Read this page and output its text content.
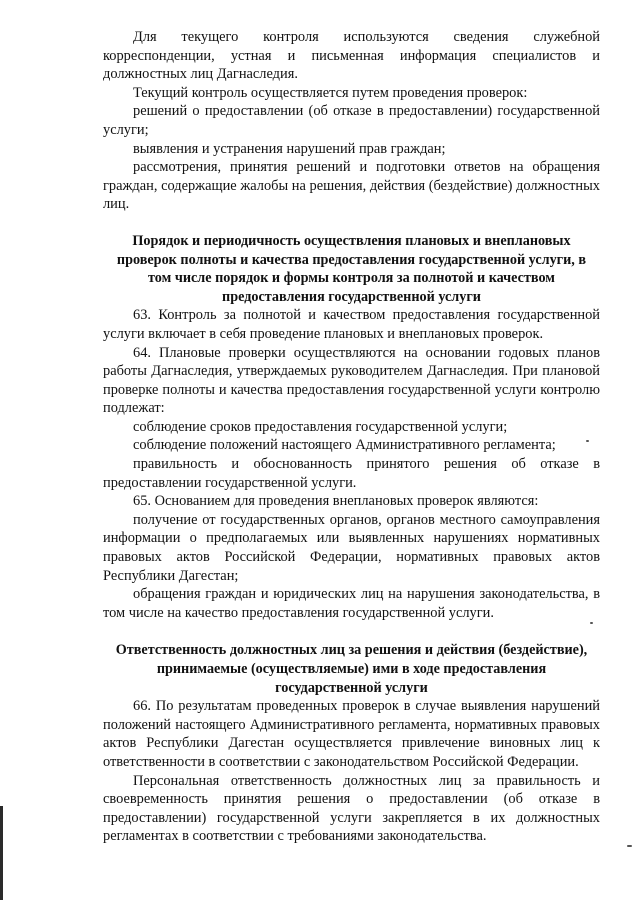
Для текущего контроля используются сведения служебной корреспонденции, устная и письменная информация специалистов и должностных лиц Дагнаследия.

Текущий контроль осуществляется путем проведения проверок:

решений о предоставлении (об отказе в предоставлении) государственной услуги;

выявления и устранения нарушений прав граждан;

рассмотрения, принятия решений и подготовки ответов на обращения граждан, содержащие жалобы на решения, действия (бездействие) должностных лиц.

Порядок и периодичность осуществления плановых и внеплановых проверок полноты и качества предоставления государственной услуги, в том числе порядок и формы контроля за полнотой и качеством предоставления государственной услуги

63. Контроль за полнотой и качеством предоставления государственной услуги включает в себя проведение плановых и внеплановых проверок.

64. Плановые проверки осуществляются на основании годовых планов работы Дагнаследия, утверждаемых руководителем Дагнаследия. При плановой проверке полноты и качества предоставления государственной услуги контролю подлежат:

соблюдение сроков предоставления государственной услуги;

соблюдение положений настоящего Административного регламента;

правильность и обоснованность принятого решения об отказе в предоставлении государственной услуги.

65. Основанием для проведения внеплановых проверок являются:

получение от государственных органов, органов местного самоуправления информации о предполагаемых или выявленных нарушениях нормативных правовых актов Российской Федерации, нормативных правовых актов Республики Дагестан;

обращения граждан и юридических лиц на нарушения законодательства, в том числе на качество предоставления государственной услуги.

Ответственность должностных лиц за решения и действия (бездействие), принимаемые (осуществляемые) ими в ходе предоставления государственной услуги

66. По результатам проведенных проверок в случае выявления нарушений положений настоящего Административного регламента, нормативных правовых актов Республики Дагестан осуществляется привлечение виновных лиц к ответственности в соответствии с законодательством Российской Федерации.

Персональная ответственность должностных лиц за правильность и своевременность принятия решения о предоставлении (об отказе в предоставлении) государственной услуги закрепляется в их должностных регламентах в соответствии с требованиями законодательства.
